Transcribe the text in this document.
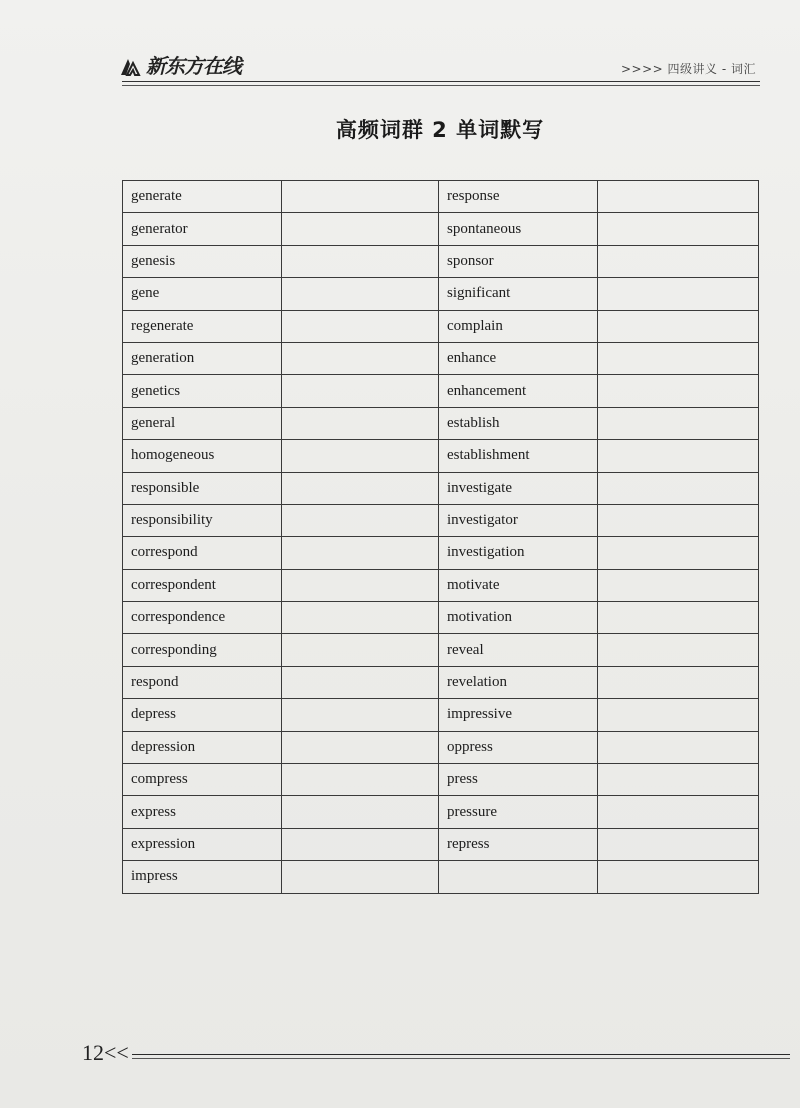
新东方在线	>>>> 四级讲义 - 词汇
高频词群 2 单词默写
generate		response	
generator		spontaneous	
genesis		sponsor	
gene		significant	
regenerate		complain	
generation		enhance	
genetics		enhancement	
general		establish	
homogeneous		establishment	
responsible		investigate	
responsibility		investigator	
correspond		investigation	
correspondent		motivate	
correspondence		motivation	
corresponding		reveal	
respond		revelation	
depress		impressive	
depression		oppress	
compress		press	
express		pressure	
expression		repress	
impress			
12<<
